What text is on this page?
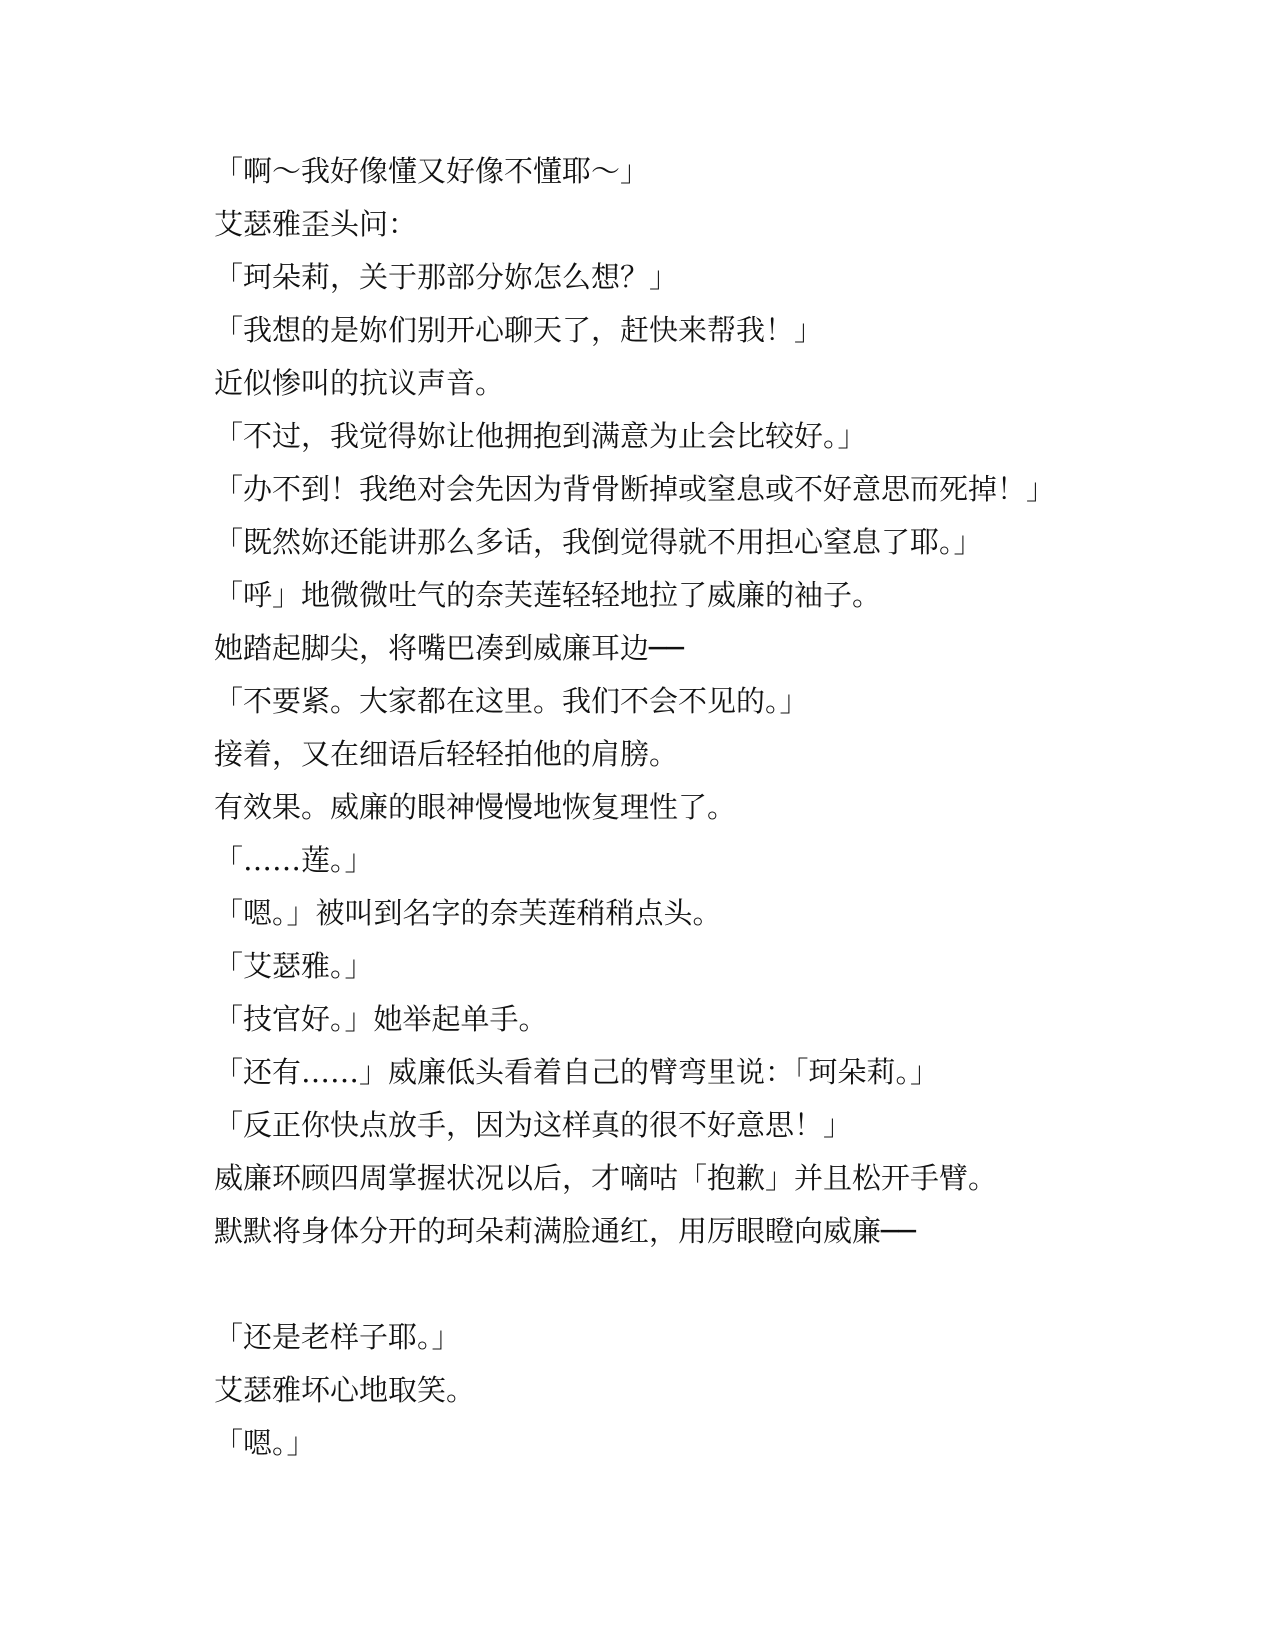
「啊～我好像懂又好像不懂耶～」
艾瑟雅歪头问：
「珂朵莉，关于那部分妳怎么想？」
「我想的是妳们别开心聊天了，赶快来帮我！」
近似惨叫的抗议声音。
「不过，我觉得妳让他拥抱到满意为止会比较好。」
「办不到！我绝对会先因为背骨断掉或窒息或不好意思而死掉！」
「既然妳还能讲那么多话，我倒觉得就不用担心窒息了耶。」
「呼」地微微吐气的奈芙莲轻轻地拉了威廉的袖子。
她踏起脚尖，将嘴巴凑到威廉耳边──
「不要紧。大家都在这里。我们不会不见的。」
接着，又在细语后轻轻拍他的肩膀。
有效果。威廉的眼神慢慢地恢复理性了。
「……莲。」
「嗯。」被叫到名字的奈芙莲稍稍点头。
「艾瑟雅。」
「技官好。」她举起单手。
「还有……」威廉低头看着自己的臂弯里说：「珂朵莉。」
「反正你快点放手，因为这样真的很不好意思！」
威廉环顾四周掌握状况以后，才嘀咕「抱歉」并且松开手臂。
默默将身体分开的珂朵莉满脸通红，用厉眼瞪向威廉──
「还是老样子耶。」
艾瑟雅坏心地取笑。
「嗯。」
